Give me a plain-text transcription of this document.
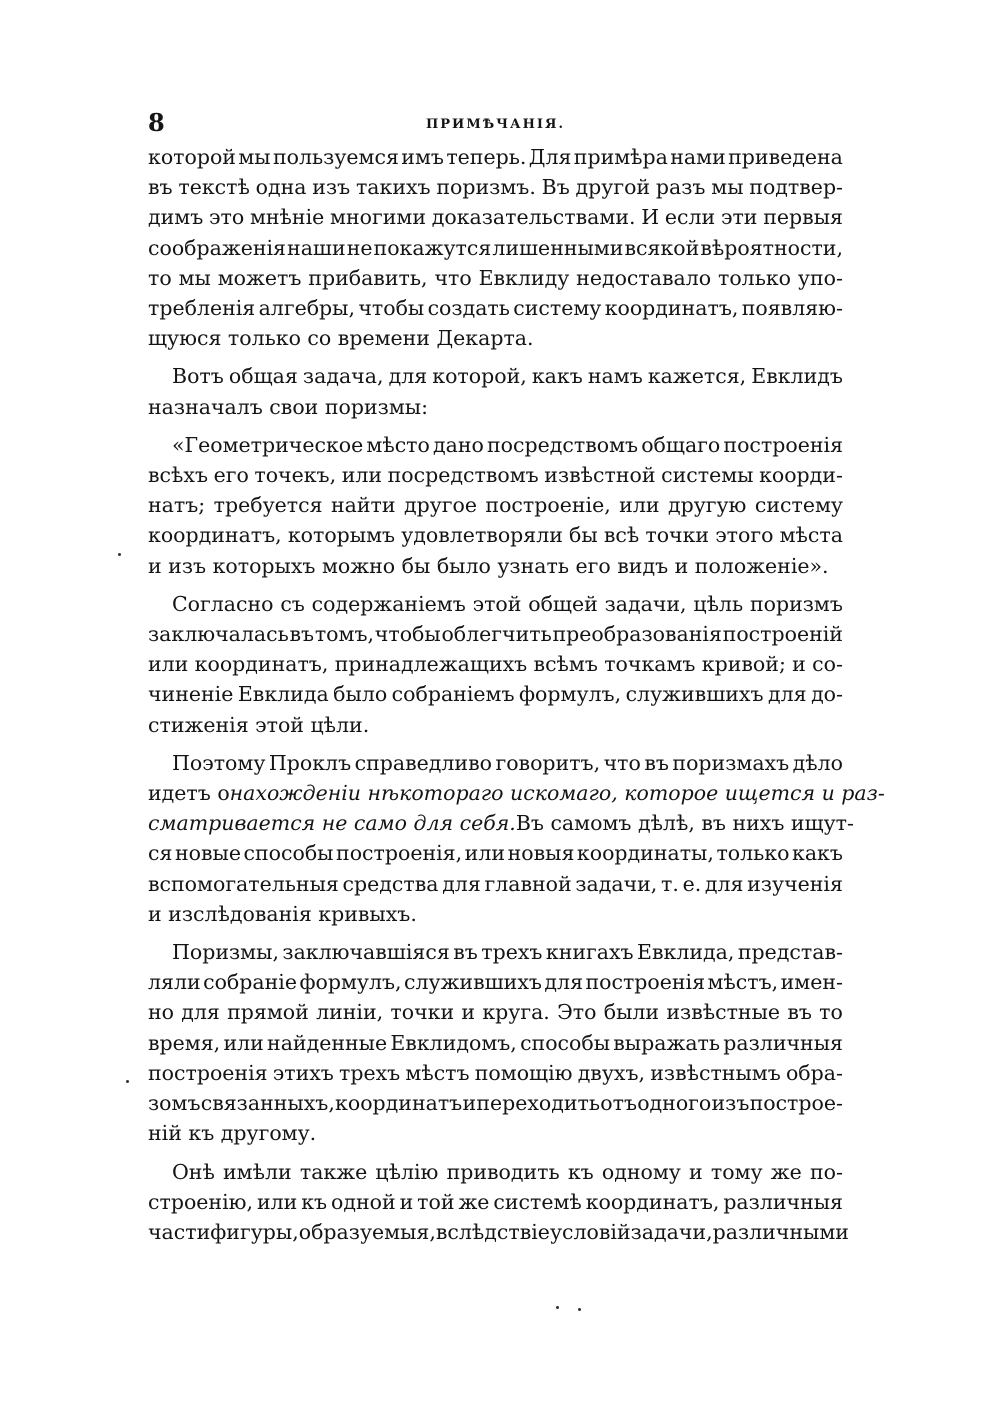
8	ПРИМѢЧАНІЯ.
которой мы пользуемся имъ теперь. Для примѣра нами приведена
въ текстѣ одна изъ такихъ поризмъ. Въ другой разъ мы подтвер-
димъ это мнѣніе многими доказательствами. И если эти первыя
соображенія наши не покажутся лишенными всякой вѣроятности,
то мы можетъ прибавить, что Евклиду недоставало только упо-
требленія алгебры, чтобы создать систему координатъ, появляю-
щуюся только со времени Декарта.
Вотъ общая задача, для которой, какъ намъ кажется, Евклидъ
назначалъ свои поризмы:
«Геометрическое мѣсто дано посредствомъ общаго построенія
всѣхъ его точекъ, или посредствомъ извѣстной системы коорди-
натъ; требуется найти другое построеніе, или другую систему
координатъ, которымъ удовлетворяли бы всѣ точки этого мѣста
и изъ которыхъ можно бы было узнать его видъ и положеніе».
Согласно съ содержаніемъ этой общей задачи, цѣль поризмъ
заключалась въ томъ, чтобы облегчить преобразованія построеній
или координатъ, принадлежащихъ всѣмъ точкамъ кривой; и со-
чиненіе Евклида было собраніемъ формулъ, служившихъ для до-
стиженія этой цѣли.
Поэтому Проклъ справедливо говоритъ, что въ поризмахъ дѣло
идетъ о нахожденіи нѣкотораго искомаго, которое ищется и раз-
сматривается не само для себя. Въ самомъ дѣлѣ, въ нихъ ищут-
ся новые способы построенія, или новыя координаты, только какъ
вспомогательныя средства для главной задачи, т. е. для изученія
и изслѣдованія кривыхъ.
Поризмы, заключавшіяся въ трехъ книгахъ Евклида, представ-
ляли собраніе формулъ, служившихъ для построенія мѣстъ, имен-
но для прямой линіи, точки и круга. Это были извѣстные въ то
время, или найденные Евклидомъ, способы выражать различныя
построенія этихъ трехъ мѣстъ помощію двухъ, извѣстнымъ обра-
зомъ связанныхъ, координатъ и переходить отъ одного изъ построе-
ній къ другому.
Онѣ имѣли также цѣлію приводить къ одному и тому же по-
строенію, или къ одной и той же системѣ координатъ, различныя
части фигуры, образуемыя, вслѣдствіе условій задачи, различными
